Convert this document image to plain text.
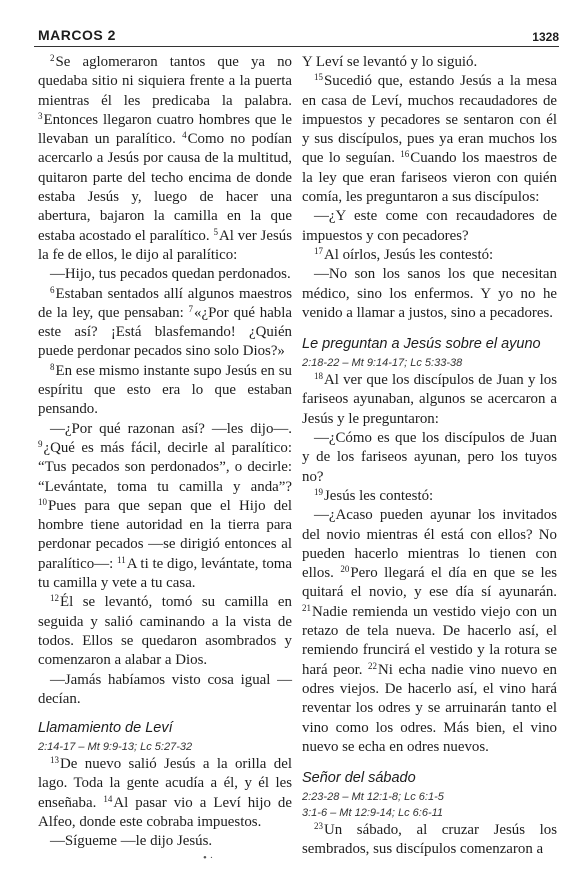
MARCOS 2	1328

$^2$Se aglomeraron tantos que ya no quedaba sitio ni siquiera frente a la puerta mientras él les predicaba la palabra. $^3$Entonces llegaron cuatro hombres que le llevaban un paralítico. $^4$Como no podían acercarlo a Jesús por causa de la multitud, quitaron parte del techo encima de donde estaba Jesús y, luego de hacer una abertura, bajaron la camilla en la que estaba acostado el paralítico. $^5$Al ver Jesús la fe de ellos, le dijo al paralítico:

—Hijo, tus pecados quedan perdonados.

$^6$Estaban sentados allí algunos maestros de la ley, que pensaban: $^7$«¿Por qué habla este así? ¡Está blasfemando! ¿Quién puede perdonar pecados sino solo Dios?»

$^8$En ese mismo instante supo Jesús en su espíritu que esto era lo que estaban pensando.

—¿Por qué razonan así? —les dijo—. $^9$¿Qué es más fácil, decirle al paralítico: “Tus pecados son perdonados”, o decirle: “Levántate, toma tu camilla y anda”? $^{10}$Pues para que sepan que el Hijo del hombre tiene autoridad en la tierra para perdonar pecados —se dirigió entonces al paralítico—: $^{11}$A ti te digo, levántate, toma tu camilla y vete a tu casa.

$^{12}$Él se levantó, tomó su camilla en seguida y salió caminando a la vista de todos. Ellos se quedaron asombrados y comenzaron a alabar a Dios.

—Jamás habíamos visto cosa igual —decían.

Llamamiento de Leví
2:14-17 – Mt 9:9-13; Lc 5:27-32

$^{13}$De nuevo salió Jesús a la orilla del lago. Toda la gente acudía a él, y él les enseñaba. $^{14}$Al pasar vio a Leví hijo de Alfeo, donde este cobraba impuestos.

—Sígueme —le dijo Jesús.

Y Leví se levantó y lo siguió.

$^{15}$Sucedió que, estando Jesús a la mesa en casa de Leví, muchos recaudadores de impuestos y pecadores se sentaron con él y sus discípulos, pues ya eran muchos los que lo seguían. $^{16}$Cuando los maestros de la ley que eran fariseos vieron con quién comía, les preguntaron a sus discípulos:

—¿Y este come con recaudadores de impuestos y con pecadores?

$^{17}$Al oírlos, Jesús les contestó:

—No son los sanos los que necesitan médico, sino los enfermos. Y yo no he venido a llamar a justos, sino a pecadores.

Le preguntan a Jesús sobre el ayuno
2:18-22 – Mt 9:14-17; Lc 5:33-38

$^{18}$Al ver que los discípulos de Juan y los fariseos ayunaban, algunos se acercaron a Jesús y le preguntaron:

—¿Cómo es que los discípulos de Juan y de los fariseos ayunan, pero los tuyos no?

$^{19}$Jesús les contestó:

—¿Acaso pueden ayunar los invitados del novio mientras él está con ellos? No pueden hacerlo mientras lo tienen con ellos. $^{20}$Pero llegará el día en que se les quitará el novio, y ese día sí ayunarán. $^{21}$Nadie remienda un vestido viejo con un retazo de tela nueva. De hacerlo así, el remiendo fruncirá el vestido y la rotura se hará peor. $^{22}$Ni echa nadie vino nuevo en odres viejos. De hacerlo así, el vino hará reventar los odres y se arruinarán tanto el vino como los odres. Más bien, el vino nuevo se echa en odres nuevos.

Señor del sábado
2:23-28 – Mt 12:1-8; Lc 6:1-5
3:1-6 – Mt 12:9-14; Lc 6:6-11

$^{23}$Un sábado, al cruzar Jesús los sembrados, sus discípulos comenzaron a

• ·
